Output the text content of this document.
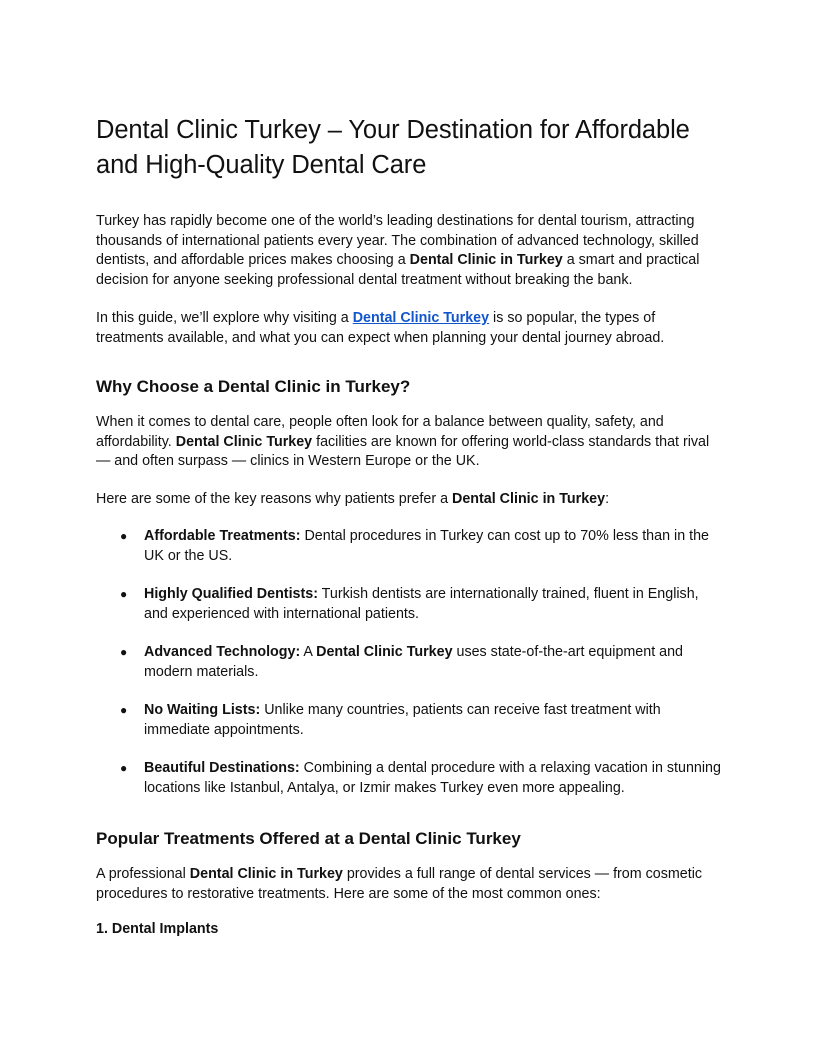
Dental Clinic Turkey – Your Destination for Affordable and High-Quality Dental Care

Turkey has rapidly become one of the world’s leading destinations for dental tourism, attracting thousands of international patients every year. The combination of advanced technology, skilled dentists, and affordable prices makes choosing a Dental Clinic in Turkey a smart and practical decision for anyone seeking professional dental treatment without breaking the bank.

In this guide, we’ll explore why visiting a Dental Clinic Turkey is so popular, the types of treatments available, and what you can expect when planning your dental journey abroad.

Why Choose a Dental Clinic in Turkey?

When it comes to dental care, people often look for a balance between quality, safety, and affordability. Dental Clinic Turkey facilities are known for offering world-class standards that rival — and often surpass — clinics in Western Europe or the UK.

Here are some of the key reasons why patients prefer a Dental Clinic in Turkey:

● Affordable Treatments: Dental procedures in Turkey can cost up to 70% less than in the UK or the US.
● Highly Qualified Dentists: Turkish dentists are internationally trained, fluent in English, and experienced with international patients.
● Advanced Technology: A Dental Clinic Turkey uses state-of-the-art equipment and modern materials.
● No Waiting Lists: Unlike many countries, patients can receive fast treatment with immediate appointments.
● Beautiful Destinations: Combining a dental procedure with a relaxing vacation in stunning locations like Istanbul, Antalya, or Izmir makes Turkey even more appealing.
Popular Treatments Offered at a Dental Clinic Turkey

A professional Dental Clinic in Turkey provides a full range of dental services — from cosmetic procedures to restorative treatments. Here are some of the most common ones:

1. Dental Implants
